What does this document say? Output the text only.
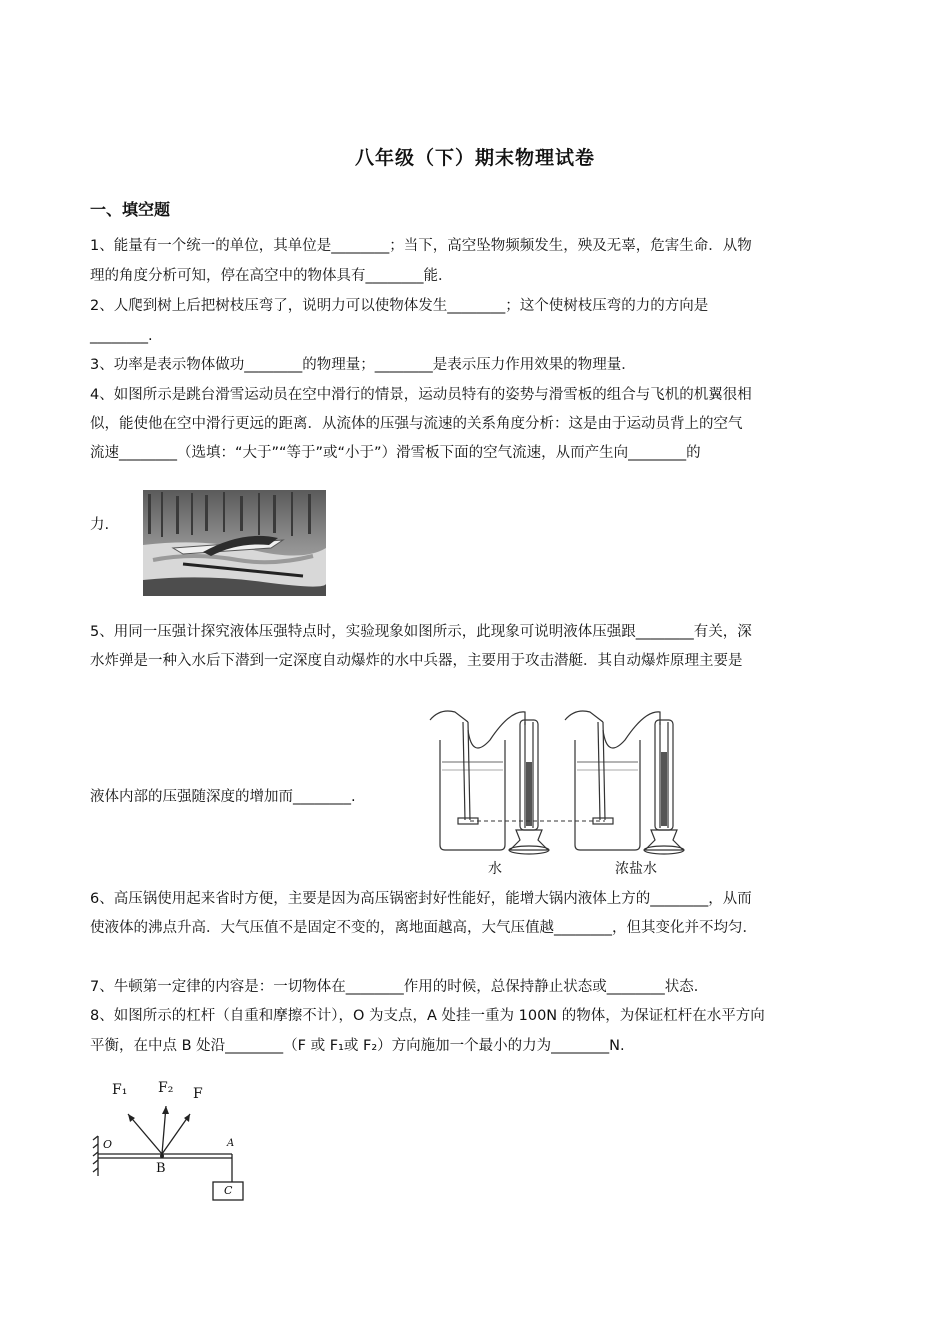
八年级（下）期末物理试卷
一、填空题
1、能量有一个统一的单位，其单位是________；当下，高空坠物频频发生，殃及无辜，危害生命．从物
理的角度分析可知，停在高空中的物体具有________能．
2、人爬到树上后把树枝压弯了，说明力可以使物体发生________；这个使树枝压弯的力的方向是
________.
3、功率是表示物体做功________的物理量；________是表示压力作用效果的物理量．
4、如图所示是跳台滑雪运动员在空中滑行的情景，运动员特有的姿势与滑雪板的组合与飞机的机翼很相
似，能使他在空中滑行更远的距离．从流体的压强与流速的关系角度分析：这是由于运动员背上的空气
流速________（选填：“大于”“等于”或“小于”）滑雪板下面的空气流速，从而产生向________的
力.
5、用同一压强计探究液体压强特点时，实验现象如图所示，此现象可说明液体压强跟________有关，深
水炸弹是一种入水后下潜到一定深度自动爆炸的水中兵器，主要用于攻击潜艇．其自动爆炸原理主要是
液体内部的压强随深度的增加而________.
水	浓盐水
6、高压锅使用起来省时方便，主要是因为高压锅密封好性能好，能增大锅内液体上方的________，从而
使液体的沸点升高．大气压值不是固定不变的，离地面越高，大气压值越________，但其变化并不均匀．
7、牛顿第一定律的内容是：一切物体在________作用的时候，总保持静止状态或________状态．
8、如图所示的杠杆（自重和摩擦不计），O 为支点，A 处挂一重为 100N 的物体，为保证杠杆在水平方向
平衡，在中点 B 处沿________（F 或 F₁或 F₂）方向施加一个最小的力为________N.
F₁ F₂ F
O	A
B
C
